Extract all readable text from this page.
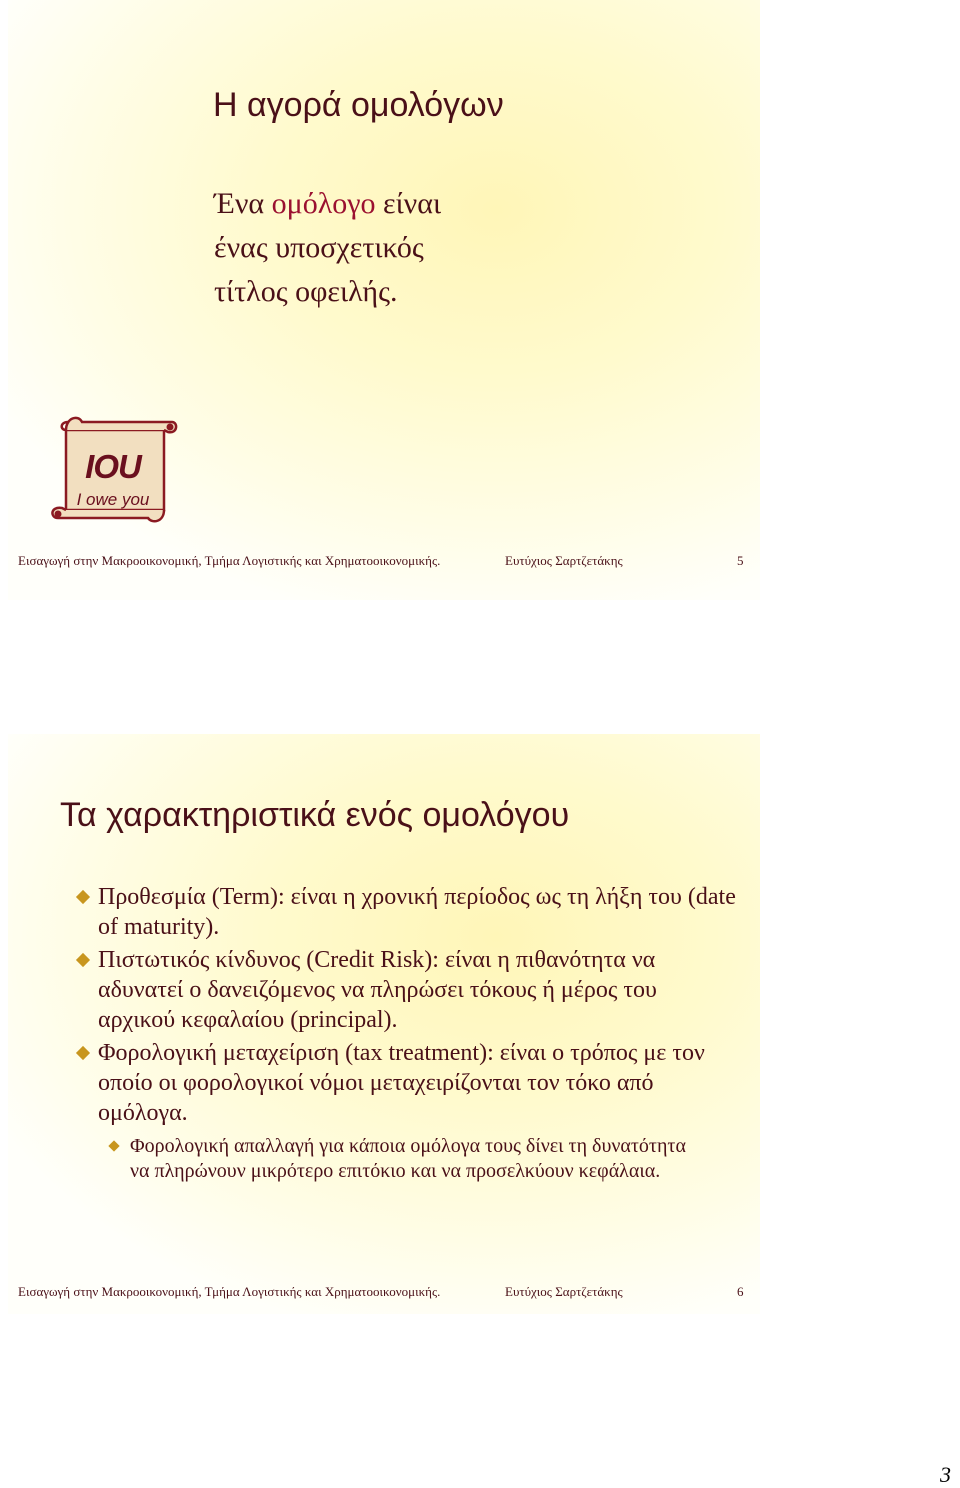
Η αγορά ομολόγων
Ένα ομόλογο είναι
ένας υποσχετικός
τίτλος οφειλής.
IOU
I owe you
Εισαγωγή στην Μακροοικονομική, Τμήμα Λογιστικής και Χρηματοοικονομικής.	Ευτύχιος Σαρτζετάκης	5
Τα χαρακτηριστικά ενός ομολόγου
Προθεσμία (Term): είναι η χρονική περίοδος ως τη λήξη του (date of maturity).
Πιστωτικός κίνδυνος (Credit Risk): είναι η πιθανότητα να αδυνατεί ο δανειζόμενος να πληρώσει τόκους ή μέρος του αρχικού κεφαλαίου (principal).
Φορολογική μεταχείριση (tax treatment): είναι ο τρόπος με τον οποίο οι φορολογικοί νόμοι μεταχειρίζονται τον τόκο από ομόλογα.
Φορολογική απαλλαγή για κάποια ομόλογα τους δίνει τη δυνατότητα να πληρώνουν μικρότερο επιτόκιο και να προσελκύουν κεφάλαια.
Εισαγωγή στην Μακροοικονομική, Τμήμα Λογιστικής και Χρηματοοικονομικής.	Ευτύχιος Σαρτζετάκης	6
3
